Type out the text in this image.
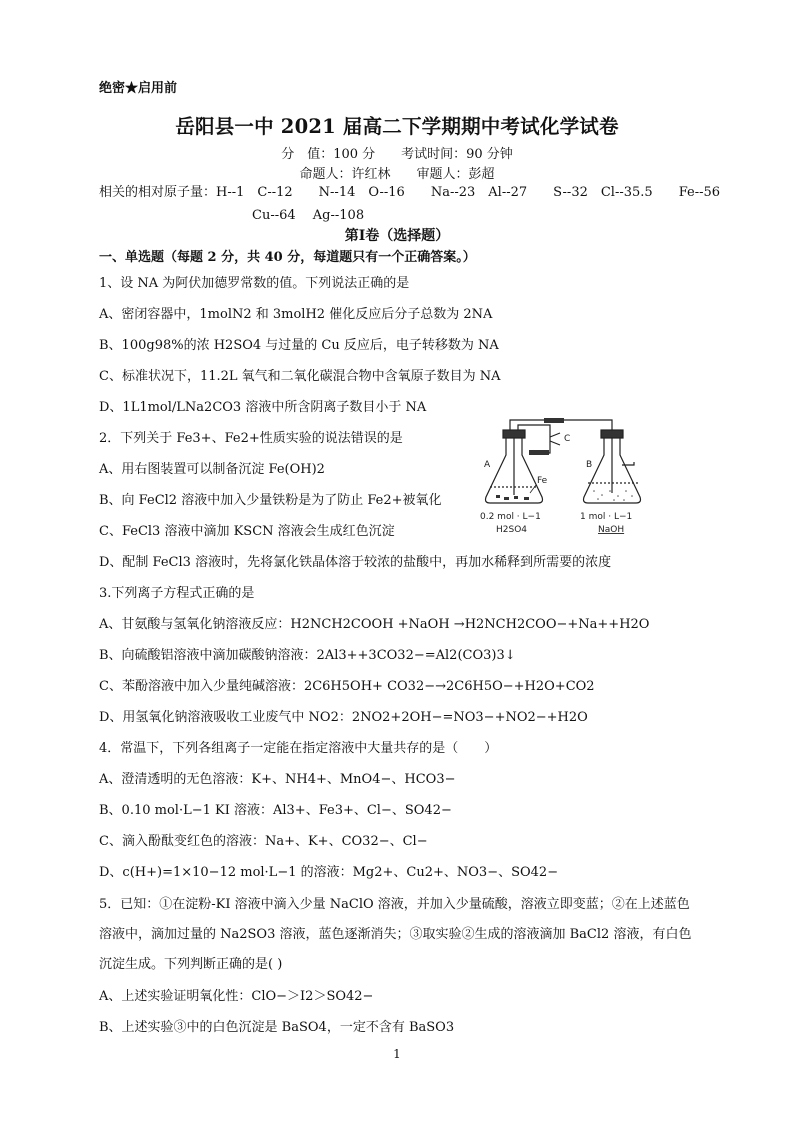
绝密★启用前
岳阳县一中 2021 届高二下学期期中考试化学试卷
分　值：100 分　　考试时间：90 分钟
命题人：许红林　　审题人：彭超
相关的相对原子量：H--1　C--12　　N--14　O--16　　Na--23　Al--27　　S--32　Cl--35.5　　Fe--56
Cu--64　 Ag--108
第Ⅰ卷（选择题）
一、单选题（每题 2 分，共 40 分，每道题只有一个正确答案。）
1、设 NA 为阿伏加德罗常数的值。下列说法正确的是
A、密闭容器中，1molN2 和 3molH2 催化反应后分子总数为 2NA
B、100g98%的浓 H2SO4 与过量的 Cu 反应后，电子转移数为 NA
C、标准状况下，11.2L 氧气和二氧化碳混合物中含氧原子数目为 NA
D、1L1mol/LNa2CO3 溶液中所含阴离子数目小于 NA
2．下列关于 Fe3+、Fe2+性质实验的说法错误的是
A、用右图装置可以制备沉淀 Fe(OH)2
B、向 FeCl2 溶液中加入少量铁粉是为了防止 Fe2+被氧化
C、FeCl3 溶液中滴加 KSCN 溶液会生成红色沉淀
D、配制 FeCl3 溶液时，先将氯化铁晶体溶于较浓的盐酸中，再加水稀释到所需要的浓度
A	B
C
Fe
0.2 mol · L−1
H2SO4
1 mol · L−1
NaOH
3.下列离子方程式正确的是
A、甘氨酸与氢氧化钠溶液反应：H2NCH2COOH +NaOH →H2NCH2COO−+Na++H2O
B、向硫酸铝溶液中滴加碳酸钠溶液：2Al3++3CO32−=Al2(CO3)3↓
C、苯酚溶液中加入少量纯碱溶液：2C6H5OH+ CO32−→2C6H5O−+H2O+CO2
D、用氢氧化钠溶液吸收工业废气中 NO2：2NO2+2OH−=NO3−+NO2−+H2O
4．常温下，下列各组离子一定能在指定溶液中大量共存的是（　　）
A、澄清透明的无色溶液：K+、NH4+、MnO4−、HCO3−
B、0.10 mol·L−1 KI 溶液：Al3+、Fe3+、Cl−、SO42−
C、滴入酚酞变红色的溶液：Na+、K+、CO32−、Cl−
D、c(H+)=1×10−12 mol·L−1 的溶液：Mg2+、Cu2+、NO3−、SO42−
5．已知：①在淀粉-KI 溶液中滴入少量 NaClO 溶液，并加入少量硫酸，溶液立即变蓝；②在上述蓝色溶液中，滴加过量的 Na2SO3 溶液，蓝色逐渐消失；③取实验②生成的溶液滴加 BaCl2 溶液，有白色沉淀生成。下列判断正确的是( )
A、上述实验证明氧化性：ClO−＞I2＞SO42−
B、上述实验③中的白色沉淀是 BaSO4，一定不含有 BaSO3
1
